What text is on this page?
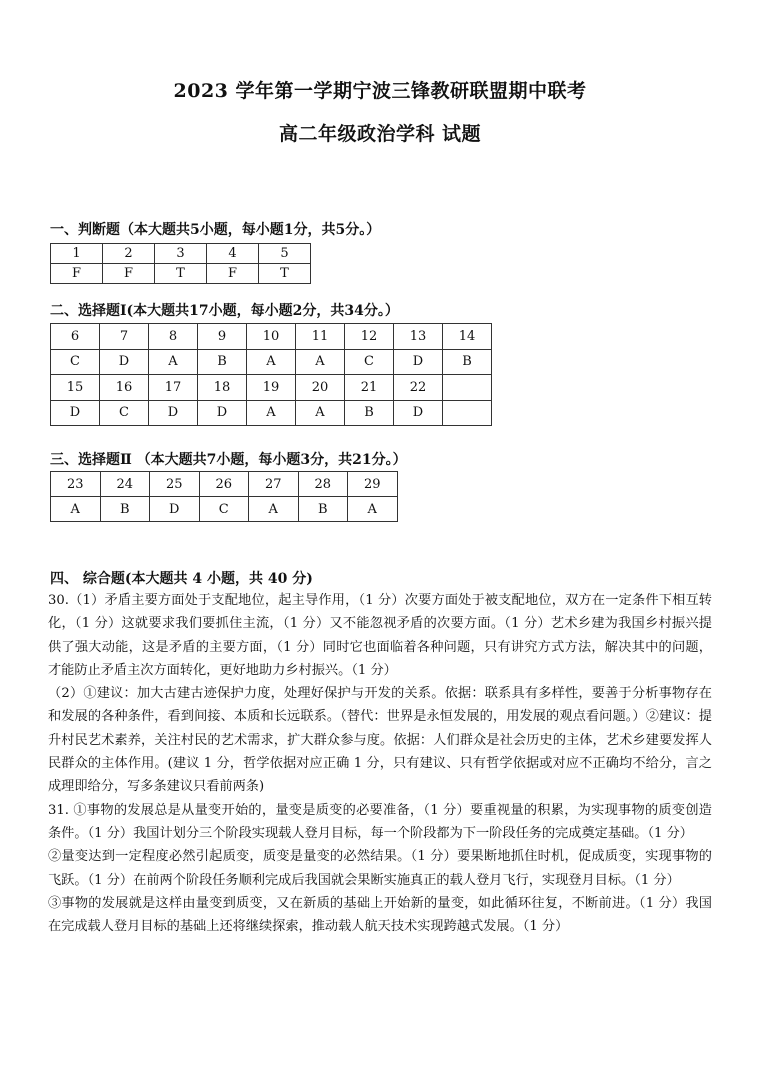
2023 学年第一学期宁波三锋教研联盟期中联考
高二年级政治学科 试题
一、判断题（本大题共5小题，每小题1分，共5分。）
1	2	3	4	5
F	F	T	F	T
二、选择题Ⅰ(本大题共17小题，每小题2分，共34分。）
6	7	8	9	10	11	12	13	14
C	D	A	B	A	A	C	D	B
15	16	17	18	19	20	21	22	
D	C	D	D	A	A	B	D	
三、选择题Ⅱ （本大题共7小题，每小题3分，共21分。）
23	24	25	26	27	28	29
A	B	D	C	A	B	A
四、 综合题(本大题共 4 小题，共 40 分)

30.（1）矛盾主要方面处于支配地位，起主导作用，（1 分）次要方面处于被支配地位，双方在一定条件下相互转化，（1 分）这就要求我们要抓住主流，（1 分）又不能忽视矛盾的次要方面。（1 分）艺术乡建为我国乡村振兴提供了强大动能，这是矛盾的主要方面，（1 分）同时它也面临着各种问题，只有讲究方式方法，解决其中的问题，才能防止矛盾主次方面转化，更好地助力乡村振兴。（1 分）

（2）①建议：加大古建古迹保护力度，处理好保护与开发的关系。依据：联系具有多样性，要善于分析事物存在和发展的各种条件，看到间接、本质和长远联系。（替代：世界是永恒发展的，用发展的观点看问题。）②建议：提升村民艺术素养，关注村民的艺术需求，扩大群众参与度。依据：人们群众是社会历史的主体，艺术乡建要发挥人民群众的主体作用。(建议 1 分，哲学依据对应正确 1 分，只有建议、只有哲学依据或对应不正确均不给分，言之成理即给分，写多条建议只看前两条)

31. ①事物的发展总是从量变开始的，量变是质变的必要准备，（1 分）要重视量的积累，为实现事物的质变创造条件。（1 分）我国计划分三个阶段实现载人登月目标，每一个阶段都为下一阶段任务的完成奠定基础。（1 分）

②量变达到一定程度必然引起质变，质变是量变的必然结果。（1 分）要果断地抓住时机，促成质变，实现事物的飞跃。（1 分）在前两个阶段任务顺利完成后我国就会果断实施真正的载人登月飞行，实现登月目标。（1 分）

③事物的发展就是这样由量变到质变，又在新质的基础上开始新的量变，如此循环往复，不断前进。（1 分）我国在完成载人登月目标的基础上还将继续探索，推动载人航天技术实现跨越式发展。（1 分）
